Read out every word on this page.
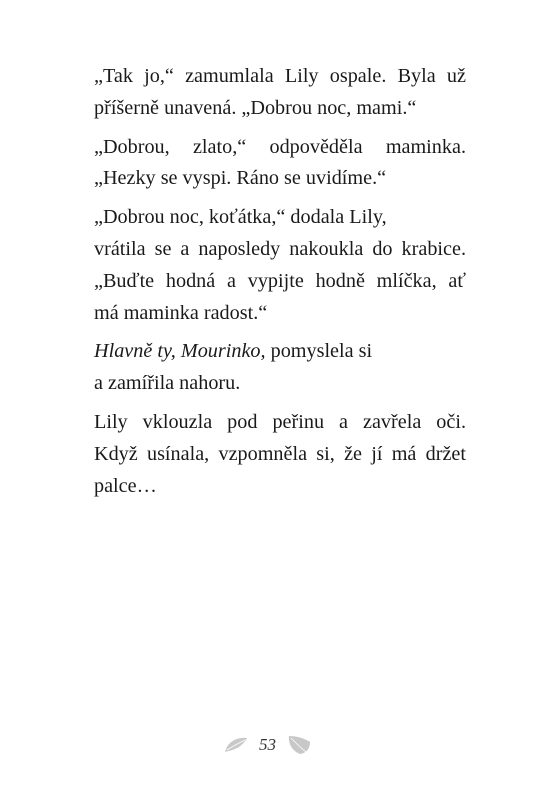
„Tak jo,“ zamumlala Lily ospale. Byla už
příšerně unavená. „Dobrou noc, mami.“
„Dobrou, zlato,“ odpověděla maminka.
„Hezky se vyspi. Ráno se uvidíme.“
„Dobrou noc, koťátka,“ dodala Lily,
vrátila se a naposledy nakoukla do krabice.
„Buďte hodná a vypijte hodně mlíčka, ať
má maminka radost.“
Hlavně ty, Mourinko, pomyslela si
a zamířila nahoru.
Lily vklouzla pod peřinu a zavřela oči.
Když usínala, vzpomněla si, že jí má držet
palce…
53
